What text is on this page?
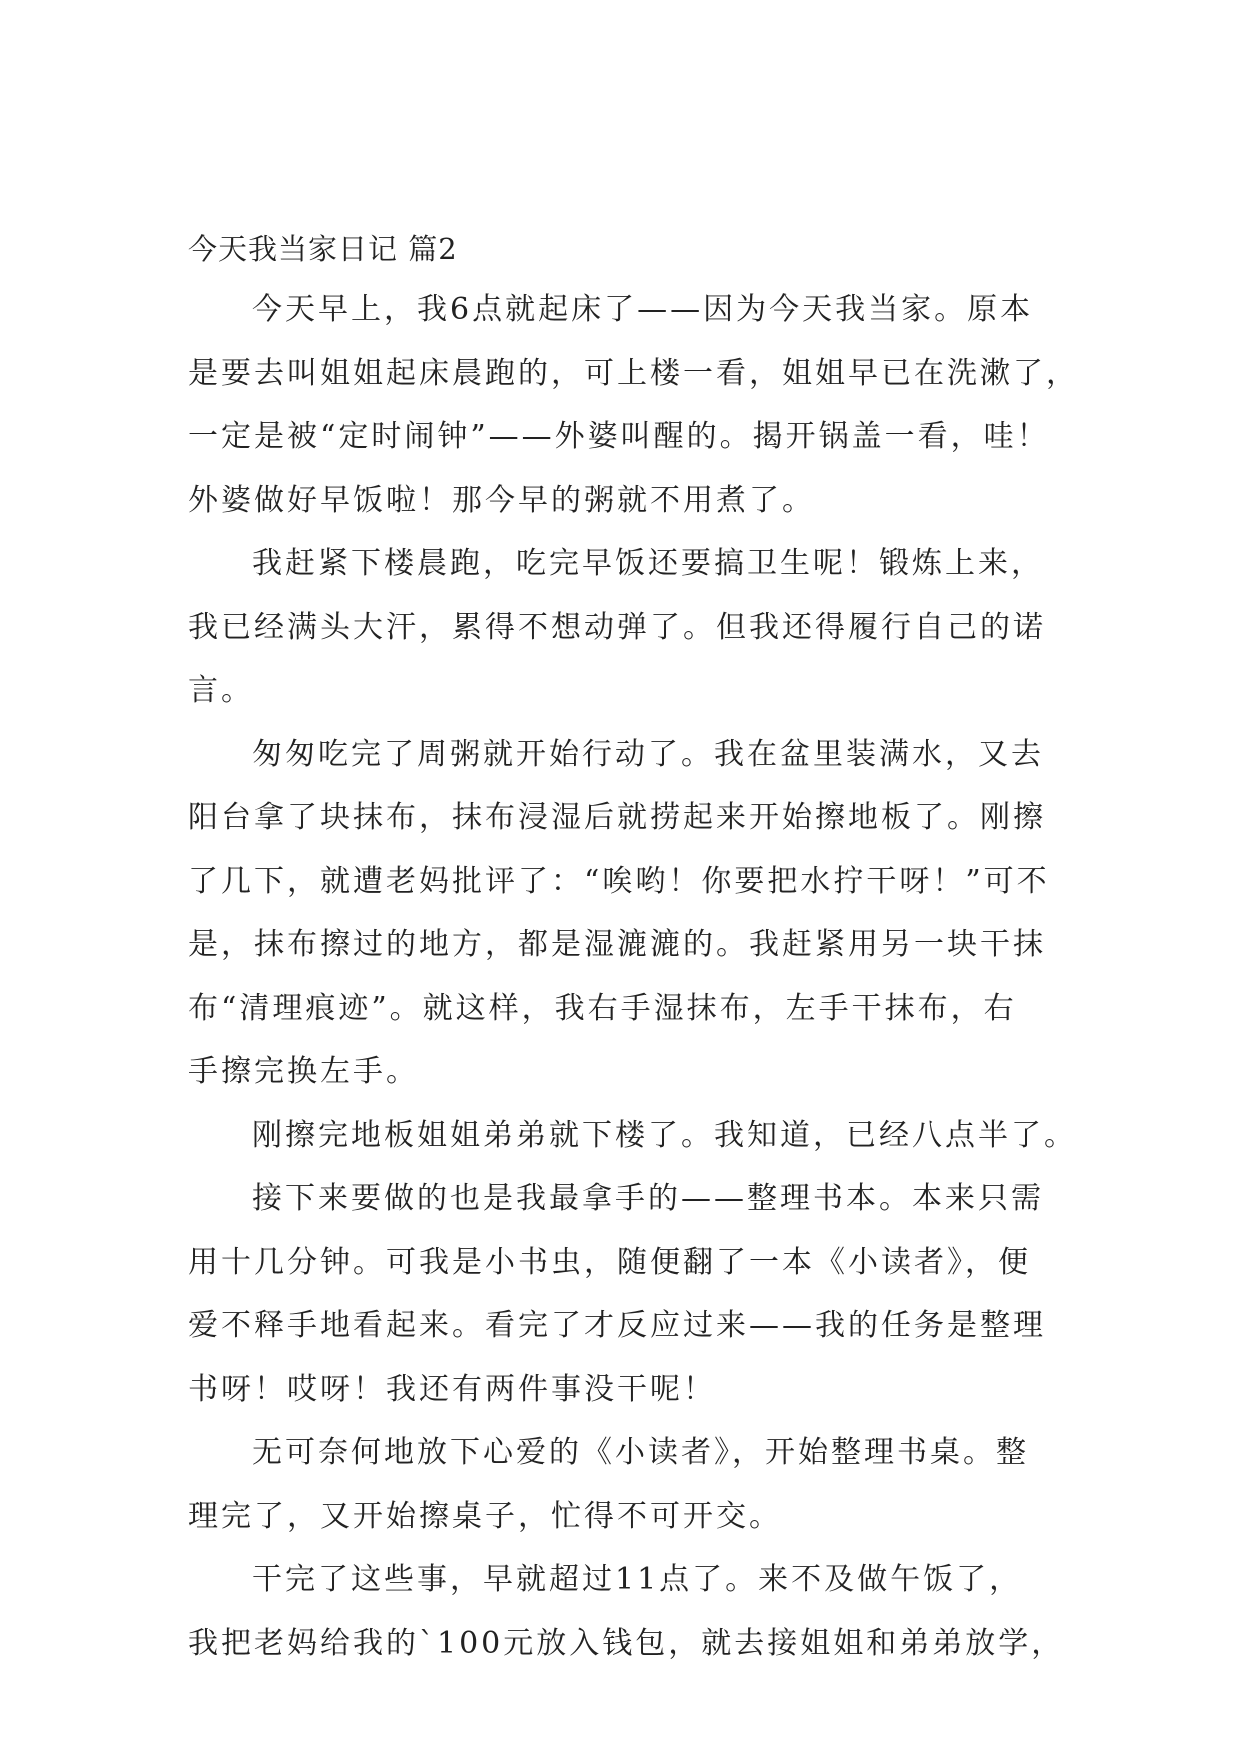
今天我当家日记 篇2
今天早上，我6点就起床了——因为今天我当家。原本
是要去叫姐姐起床晨跑的，可上楼一看，姐姐早已在洗漱了，
一定是被“定时闹钟”——外婆叫醒的。揭开锅盖一看，哇！
外婆做好早饭啦！那今早的粥就不用煮了。
我赶紧下楼晨跑，吃完早饭还要搞卫生呢！锻炼上来，
我已经满头大汗，累得不想动弹了。但我还得履行自己的诺
言。
匆匆吃完了周粥就开始行动了。我在盆里装满水，又去
阳台拿了块抹布，抹布浸湿后就捞起来开始擦地板了。刚擦
了几下，就遭老妈批评了：“唉哟！你要把水拧干呀！”可不
是，抹布擦过的地方，都是湿漉漉的。我赶紧用另一块干抹
布“清理痕迹”。就这样，我右手湿抹布，左手干抹布，右
手擦完换左手。
刚擦完地板姐姐弟弟就下楼了。我知道，已经八点半了。
接下来要做的也是我最拿手的——整理书本。本来只需
用十几分钟。可我是小书虫，随便翻了一本《小读者》，便
爱不释手地看起来。看完了才反应过来——我的任务是整理
书呀！哎呀！我还有两件事没干呢！
无可奈何地放下心爱的《小读者》，开始整理书桌。整
理完了，又开始擦桌子，忙得不可开交。
干完了这些事，早就超过11点了。来不及做午饭了，
我把老妈给我的`100元放入钱包，就去接姐姐和弟弟放学，
